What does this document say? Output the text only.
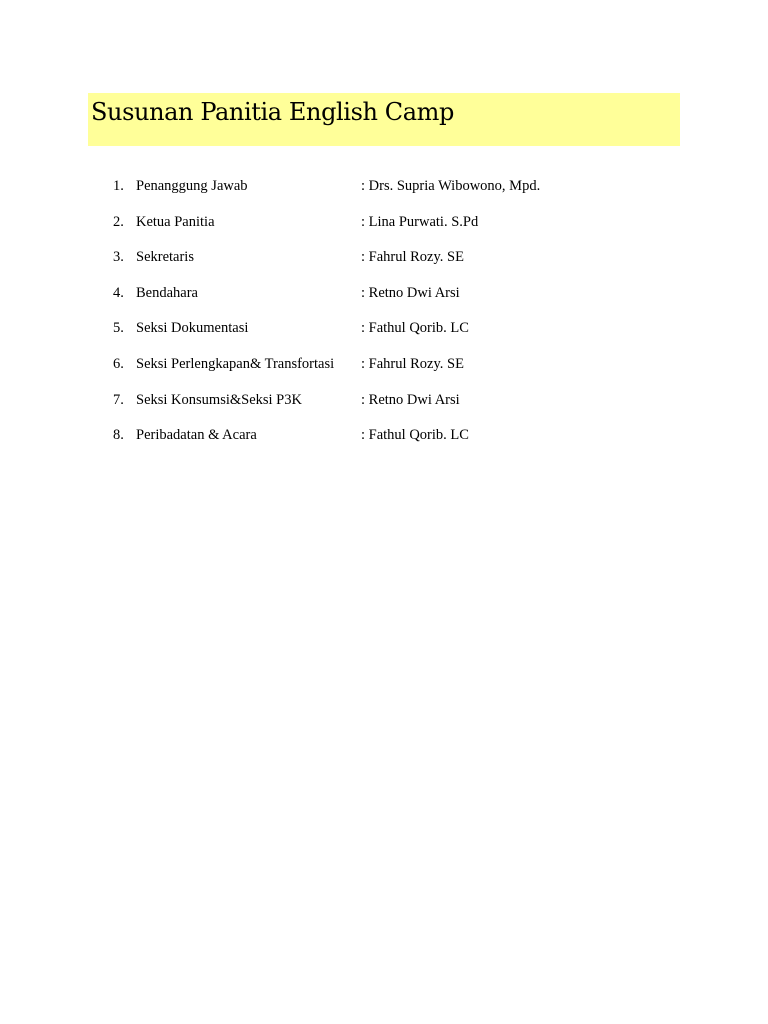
Susunan Panitia English Camp
1. Penanggung Jawab	: Drs. Supria Wibowono, Mpd.
2. Ketua Panitia	: Lina Purwati. S.Pd
3. Sekretaris	: Fahrul Rozy. SE
4. Bendahara	: Retno Dwi Arsi
5. Seksi Dokumentasi	: Fathul Qorib. LC
6. Seksi Perlengkapan& Transfortasi : Fahrul Rozy. SE
7. Seksi Konsumsi&Seksi P3K	: Retno Dwi Arsi
8. Peribadatan & Acara	: Fathul Qorib. LC
